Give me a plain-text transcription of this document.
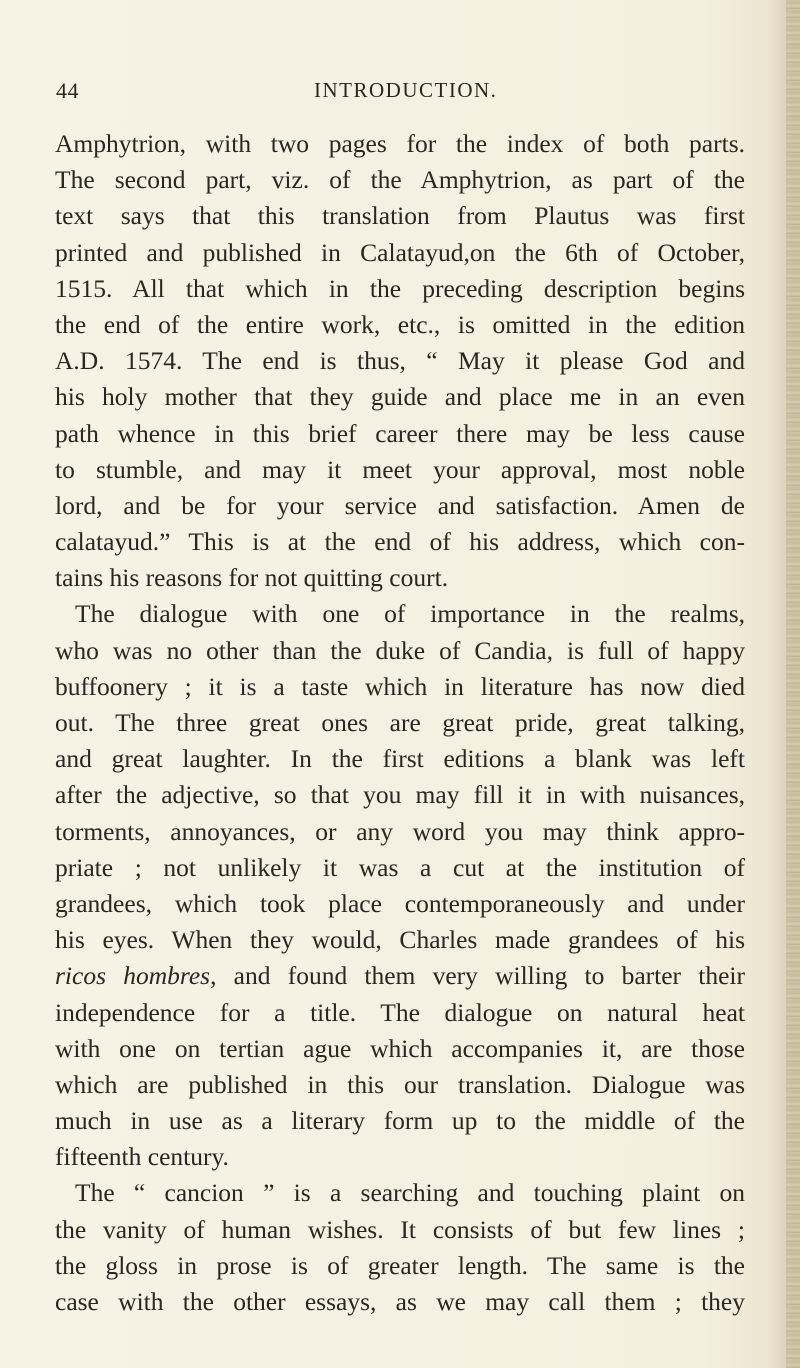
44	INTRODUCTION.
Amphytrion, with two pages for the index of both parts.
The second part, viz. of the Amphytrion, as part of the
text says that this translation from Plautus was first
printed and published in Calatayud,on the 6th of October,
1515. All that which in the preceding description begins
the end of the entire work, etc., is omitted in the edition
A.D. 1574. The end is thus, “ May it please God and
his holy mother that they guide and place me in an even
path whence in this brief career there may be less cause
to stumble, and may it meet your approval, most noble
lord, and be for your service and satisfaction. Amen de
calatayud.” This is at the end of his address, which con-
tains his reasons for not quitting court.
The dialogue with one of importance in the realms,
who was no other than the duke of Candia, is full of happy
buffoonery ; it is a taste which in literature has now died
out. The three great ones are great pride, great talking,
and great laughter. In the first editions a blank was left
after the adjective, so that you may fill it in with nuisances,
torments, annoyances, or any word you may think appro-
priate ; not unlikely it was a cut at the institution of
grandees, which took place contemporaneously and under
his eyes. When they would, Charles made grandees of his
ricos hombres, and found them very willing to barter their
independence for a title. The dialogue on natural heat
with one on tertian ague which accompanies it, are those
which are published in this our translation. Dialogue was
much in use as a literary form up to the middle of the
fifteenth century.
The “ cancion ” is a searching and touching plaint on
the vanity of human wishes. It consists of but few lines ;
the gloss in prose is of greater length. The same is the
case with the other essays, as we may call them ; they
